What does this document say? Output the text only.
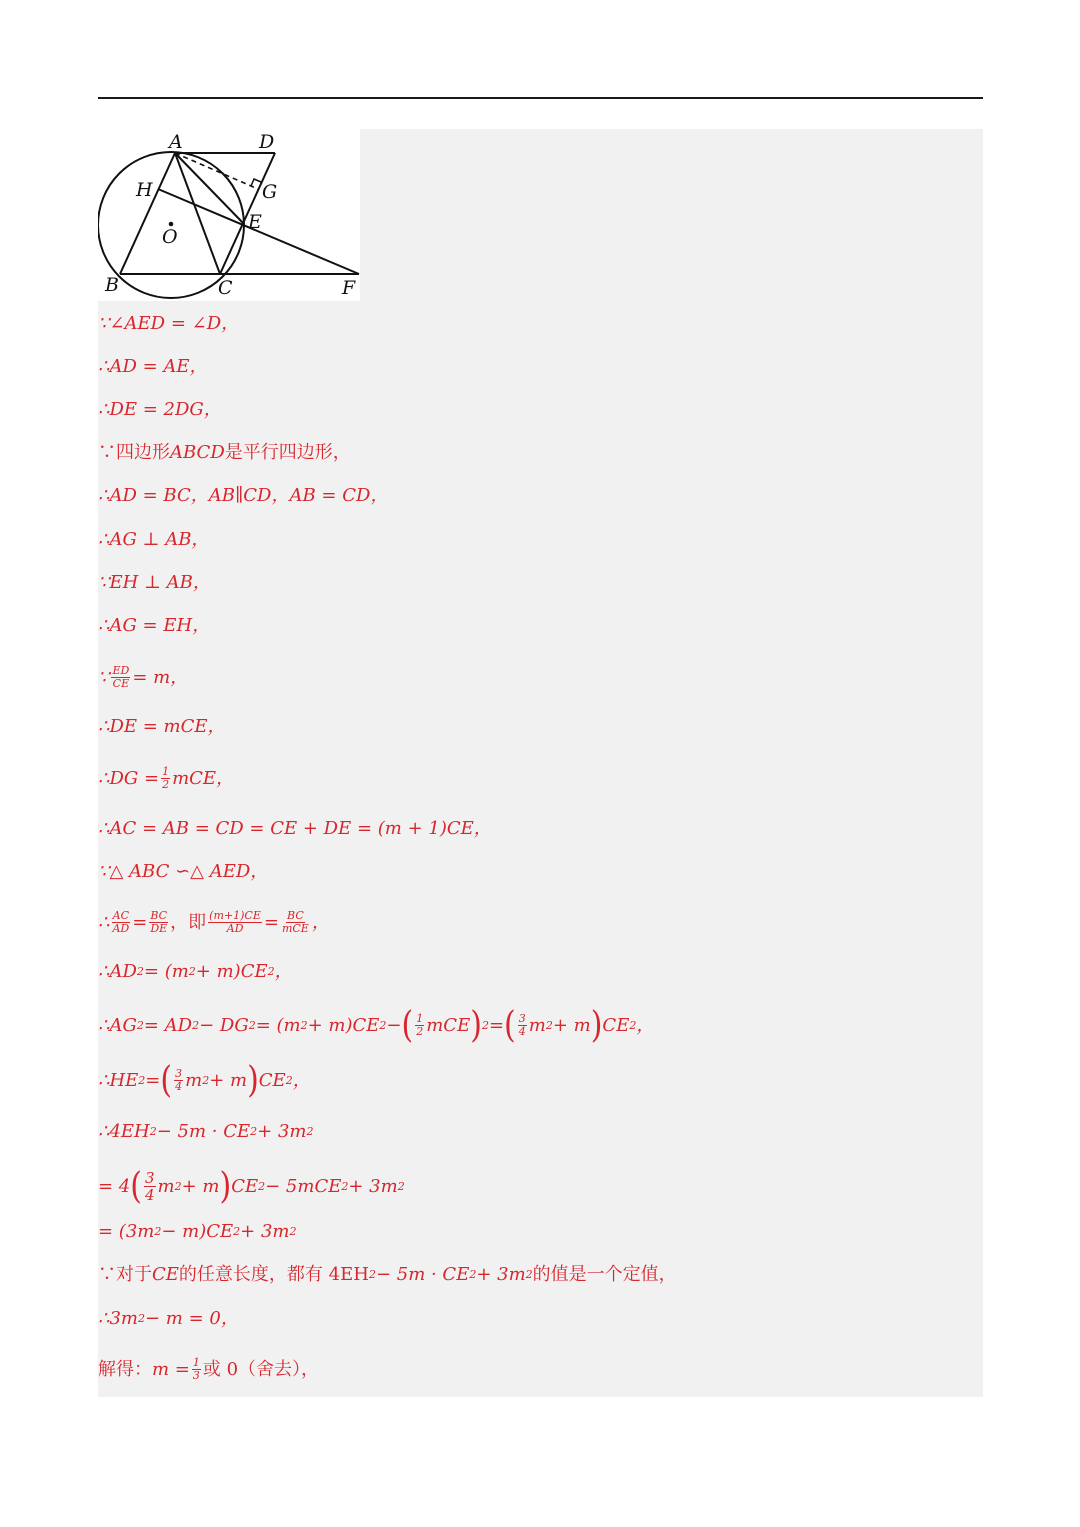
A	D
H	G
E
O
B	C	F
∵∠AED = ∠D，
∴AD = AE，
∴DE = 2DG，
∵四边形 ABCD 是平行四边形，
∴AD = BC，AB∥CD，AB = CD，
∴AG ⊥ AB，
∵EH ⊥ AB，
∴AG = EH，
∵ $\frac{ED}{CE} = m$，
∴DE = mCE，
∴DG = $\frac{1}{2}$ mCE，
∴AC = AB = CD = CE + DE = (m + 1)CE，
∵△ ABC ∽△ AED，
∴ $\frac{AC}{AD} = \frac{BC}{DE}$ ，即 $\frac{(m+1)CE}{AD} = \frac{BC}{\text{mCE}}$ ，
∴AD 2 = (m 2 + m)CE 2 ，
∴AG 2 = AD 2 − DG 2 = (m 2 + m)CE 2 − ( $\frac{1}{2}$ mCE ) 2 = ( $\frac{3}{4}$ m 2 + m ) CE 2 ，
∴HE 2 = ( $\frac{3}{4}$ m 2 + m ) CE 2 ，
∴4EH 2 − 5m · CE 2 + 3m 2
= 4 ( $\frac{3}{4}$ m 2 + m ) CE 2 − 5mCE 2 + 3m 2
= (3m 2 − m)CE 2 + 3m 2
∵对于 CE 的任意长度，都有 4EH 2 − 5m · CE 2 + 3m 2 的值是一个定值，
∴3m 2 − m = 0，
解得： $m = \frac{1}{3}$ 或 0（舍去），
